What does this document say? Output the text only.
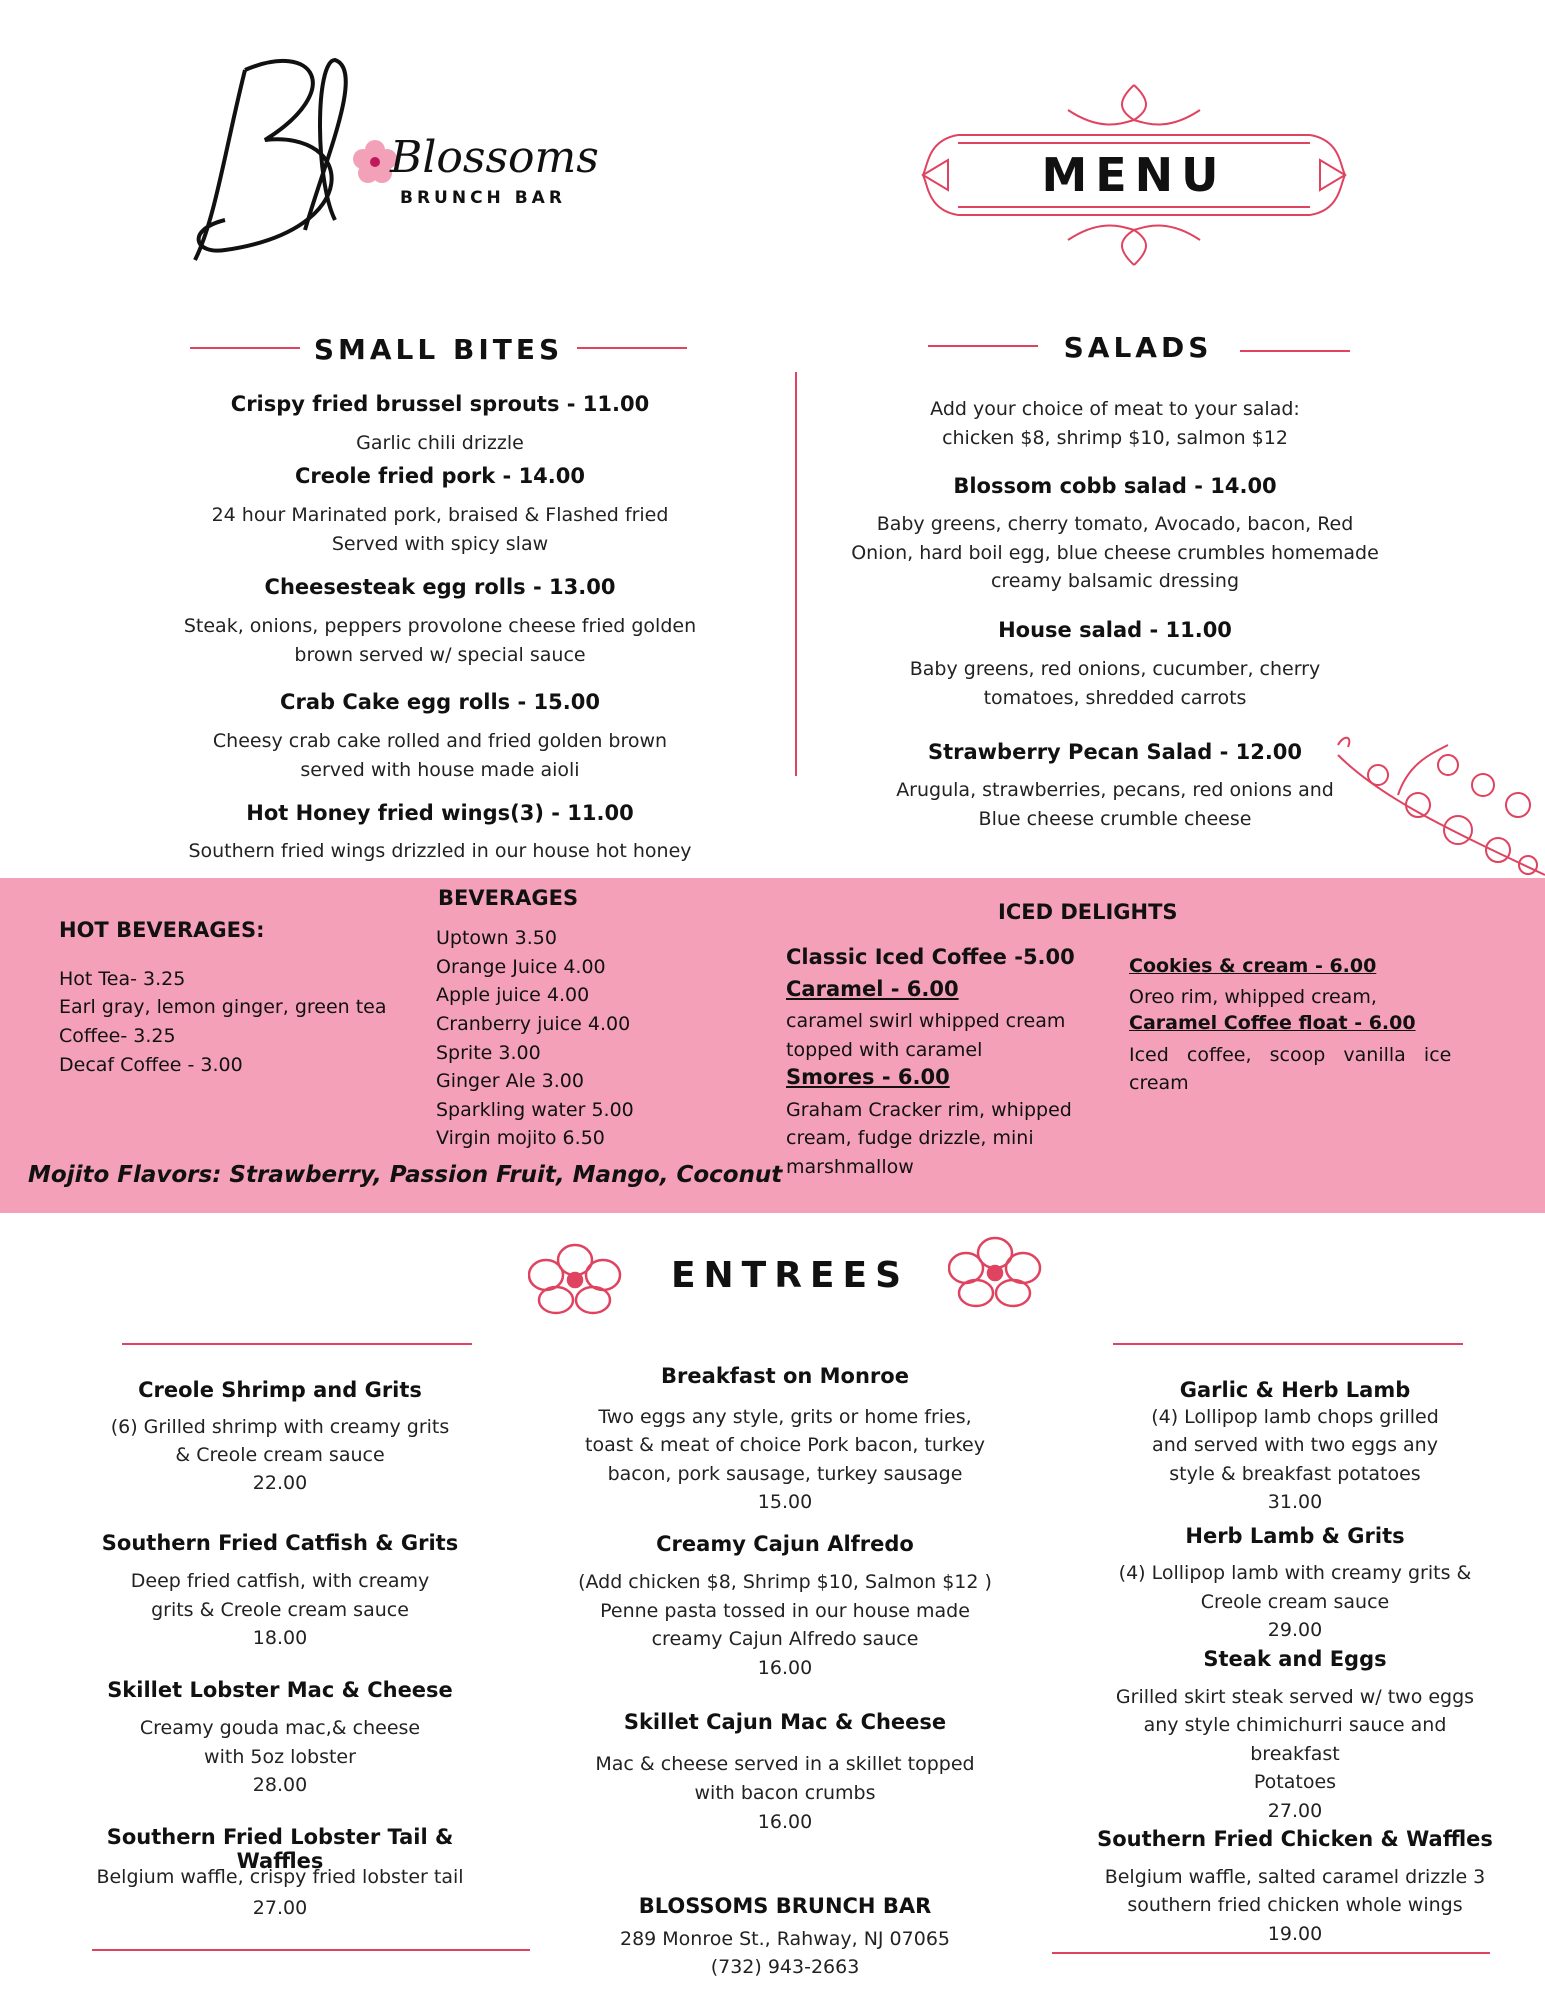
Blossoms
BRUNCH BAR	MENU
SMALL BITES
Crispy fried brussel sprouts - 11.00
Garlic chili drizzle
Creole fried pork - 14.00
24 hour Marinated pork, braised & Flashed fried
Served with spicy slaw
Cheesesteak egg rolls - 13.00
Steak, onions, peppers provolone cheese fried golden
brown served w/ special sauce
Crab Cake egg rolls - 15.00
Cheesy crab cake rolled and fried golden brown
served with house made aioli
Hot Honey fried wings(3) - 11.00
Southern fried wings drizzled in our house hot honey
SALADS
Add your choice of meat to your salad:
chicken $8, shrimp $10, salmon $12
Blossom cobb salad - 14.00
Baby greens, cherry tomato, Avocado, bacon, Red
Onion, hard boil egg, blue cheese crumbles homemade
creamy balsamic dressing
House salad - 11.00
Baby greens, red onions, cucumber, cherry
tomatoes, shredded carrots
Strawberry Pecan Salad - 12.00
Arugula, strawberries, pecans, red onions and
Blue cheese crumble cheese
HOT BEVERAGES:
Hot Tea- 3.25
Earl gray, lemon ginger, green tea
Coffee- 3.25
Decaf Coffee - 3.00
BEVERAGES
Uptown 3.50
Orange Juice 4.00
Apple juice 4.00
Cranberry juice 4.00
Sprite 3.00
Ginger Ale 3.00
Sparkling water 5.00
Virgin mojito 6.50
Mojito Flavors: Strawberry, Passion Fruit, Mango, Coconut
ICED DELIGHTS
Classic Iced Coffee -5.00
Caramel - 6.00
caramel swirl whipped cream
topped with caramel
Smores - 6.00
Graham Cracker rim, whipped
cream, fudge drizzle, mini
marshmallow
Cookies & cream - 6.00
Oreo rim, whipped cream,
Caramel Coffee float - 6.00
Iced   coffee,   scoop   vanilla   ice
cream
ENTREES
Creole Shrimp and Grits
(6) Grilled shrimp with creamy grits
& Creole cream sauce
22.00
Southern Fried Catfish & Grits
Deep fried catfish, with creamy
grits & Creole cream sauce
18.00
Skillet Lobster Mac & Cheese
Creamy gouda mac,& cheese
with 5oz lobster
28.00
Southern Fried Lobster Tail & Waffles
Belgium waffle, crispy fried lobster tail
27.00
Breakfast on Monroe
Two eggs any style, grits or home fries,
toast & meat of choice Pork bacon, turkey
bacon, pork sausage, turkey sausage
15.00
Creamy Cajun Alfredo
(Add chicken $8, Shrimp $10, Salmon $12 )
Penne pasta tossed in our house made
creamy Cajun Alfredo sauce
16.00
Skillet Cajun Mac & Cheese
Mac & cheese served in a skillet topped
with bacon crumbs
16.00
BLOSSOMS BRUNCH BAR
289 Monroe St., Rahway, NJ 07065
(732) 943-2663
Garlic & Herb Lamb
(4) Lollipop lamb chops grilled
and served with two eggs any
style & breakfast potatoes
31.00
Herb Lamb & Grits
(4) Lollipop lamb with creamy grits &
Creole cream sauce
29.00
Steak and Eggs
Grilled skirt steak served w/ two eggs
any style chimichurri sauce and
breakfast
Potatoes
27.00
Southern Fried Chicken & Waffles
Belgium waffle, salted caramel drizzle 3
southern fried chicken whole wings
19.00
